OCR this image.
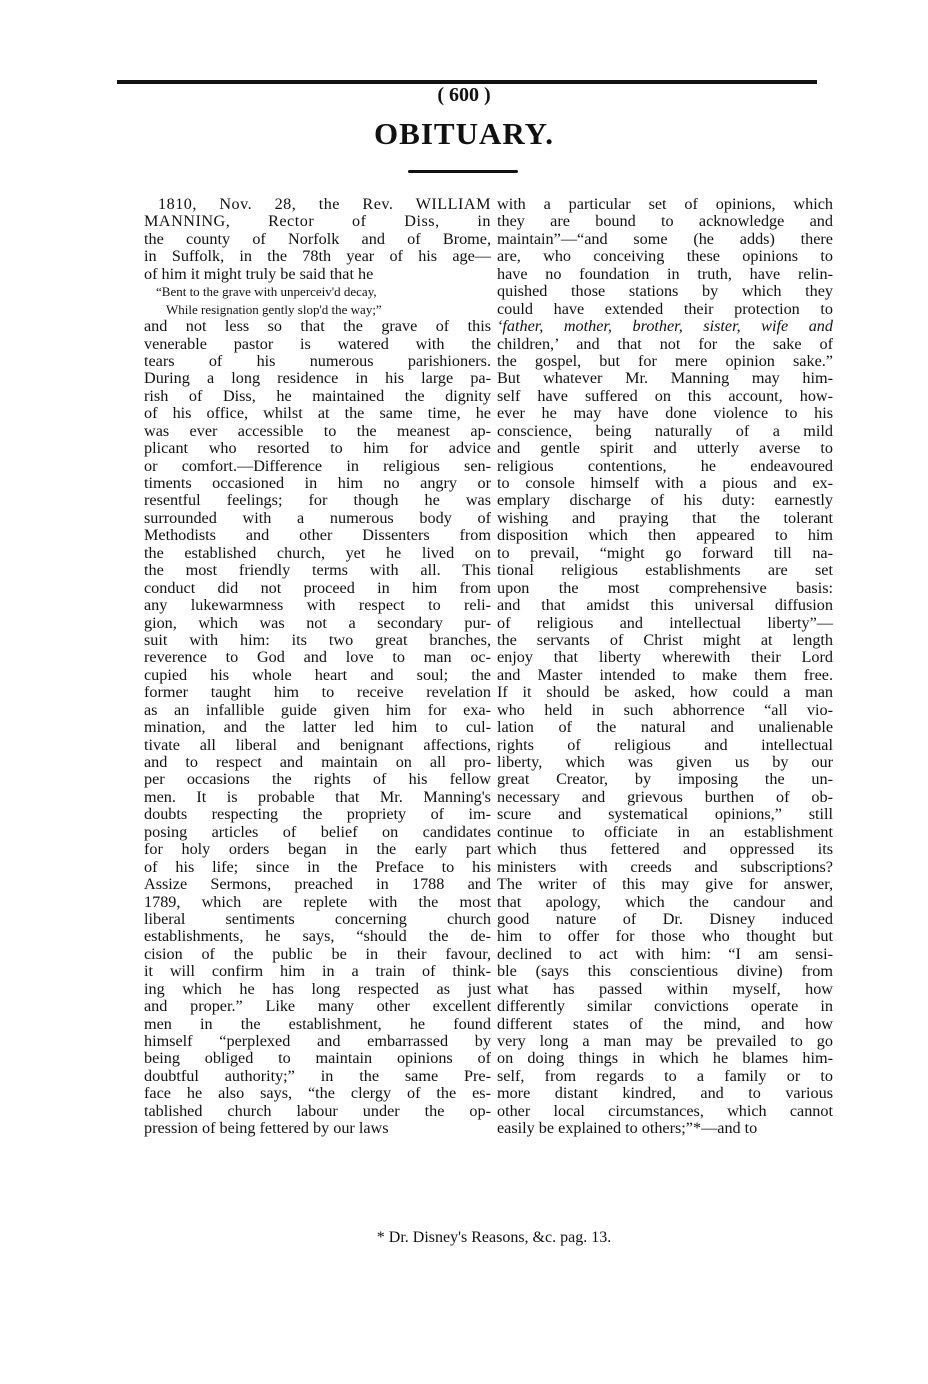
( 600 )
OBITUARY.
1810, Nov. 28, the Rev. WILLIAM
MANNING, Rector of Diss, in
the county of Norfolk and of Brome,
in Suffolk, in the 78th year of his age—
of him it might truly be said that he
“Bent to the grave with unperceiv'd decay,
While resignation gently slop'd the way;”
and not less so that the grave of this
venerable pastor is watered with the
tears of his numerous parishioners.
During a long residence in his large pa-
rish of Diss, he maintained the dignity
of his office, whilst at the same time, he
was ever accessible to the meanest ap-
plicant who resorted to him for advice
or comfort.—Difference in religious sen-
timents occasioned in him no angry or
resentful feelings; for though he was
surrounded with a numerous body of
Methodists and other Dissenters from
the established church, yet he lived on
the most friendly terms with all. This
conduct did not proceed in him from
any lukewarmness with respect to reli-
gion, which was not a secondary pur-
suit with him: its two great branches,
reverence to God and love to man oc-
cupied his whole heart and soul; the
former taught him to receive revelation
as an infallible guide given him for exa-
mination, and the latter led him to cul-
tivate all liberal and benignant affections,
and to respect and maintain on all pro-
per occasions the rights of his fellow
men. It is probable that Mr. Manning's
doubts respecting the propriety of im-
posing articles of belief on candidates
for holy orders began in the early part
of his life; since in the Preface to his
Assize Sermons, preached in 1788 and
1789, which are replete with the most
liberal sentiments concerning church
establishments, he says, “should the de-
cision of the public be in their favour,
it will confirm him in a train of think-
ing which he has long respected as just
and proper.” Like many other excellent
men in the establishment, he found
himself “perplexed and embarrassed by
being obliged to maintain opinions of
doubtful authority;” in the same Pre-
face he also says, “the clergy of the es-
tablished church labour under the op-
pression of being fettered by our laws
with a particular set of opinions, which
they are bound to acknowledge and
maintain”—“and some (he adds) there
are, who conceiving these opinions to
have no foundation in truth, have relin-
quished those stations by which they
could have extended their protection to
‘father, mother, brother, sister, wife and
children,’ and that not for the sake of
the gospel, but for mere opinion sake.”
But whatever Mr. Manning may him-
self have suffered on this account, how-
ever he may have done violence to his
conscience, being naturally of a mild
and gentle spirit and utterly averse to
religious contentions, he endeavoured
to console himself with a pious and ex-
emplary discharge of his duty: earnestly
wishing and praying that the tolerant
disposition which then appeared to him
to prevail, “might go forward till na-
tional religious establishments are set
upon the most comprehensive basis:
and that amidst this universal diffusion
of religious and intellectual liberty”—
the servants of Christ might at length
enjoy that liberty wherewith their Lord
and Master intended to make them free.
If it should be asked, how could a man
who held in such abhorrence “all vio-
lation of the natural and unalienable
rights of religious and intellectual
liberty, which was given us by our
great Creator, by imposing the un-
necessary and grievous burthen of ob-
scure and systematical opinions,” still
continue to officiate in an establishment
which thus fettered and oppressed its
ministers with creeds and subscriptions?
The writer of this may give for answer,
that apology, which the candour and
good nature of Dr. Disney induced
him to offer for those who thought but
declined to act with him: “I am sensi-
ble (says this conscientious divine) from
what has passed within myself, how
differently similar convictions operate in
different states of the mind, and how
very long a man may be prevailed to go
on doing things in which he blames him-
self, from regards to a family or to
more distant kindred, and to various
other local circumstances, which cannot
easily be explained to others;”*—and to
* Dr. Disney's Reasons, &c. pag. 13.
